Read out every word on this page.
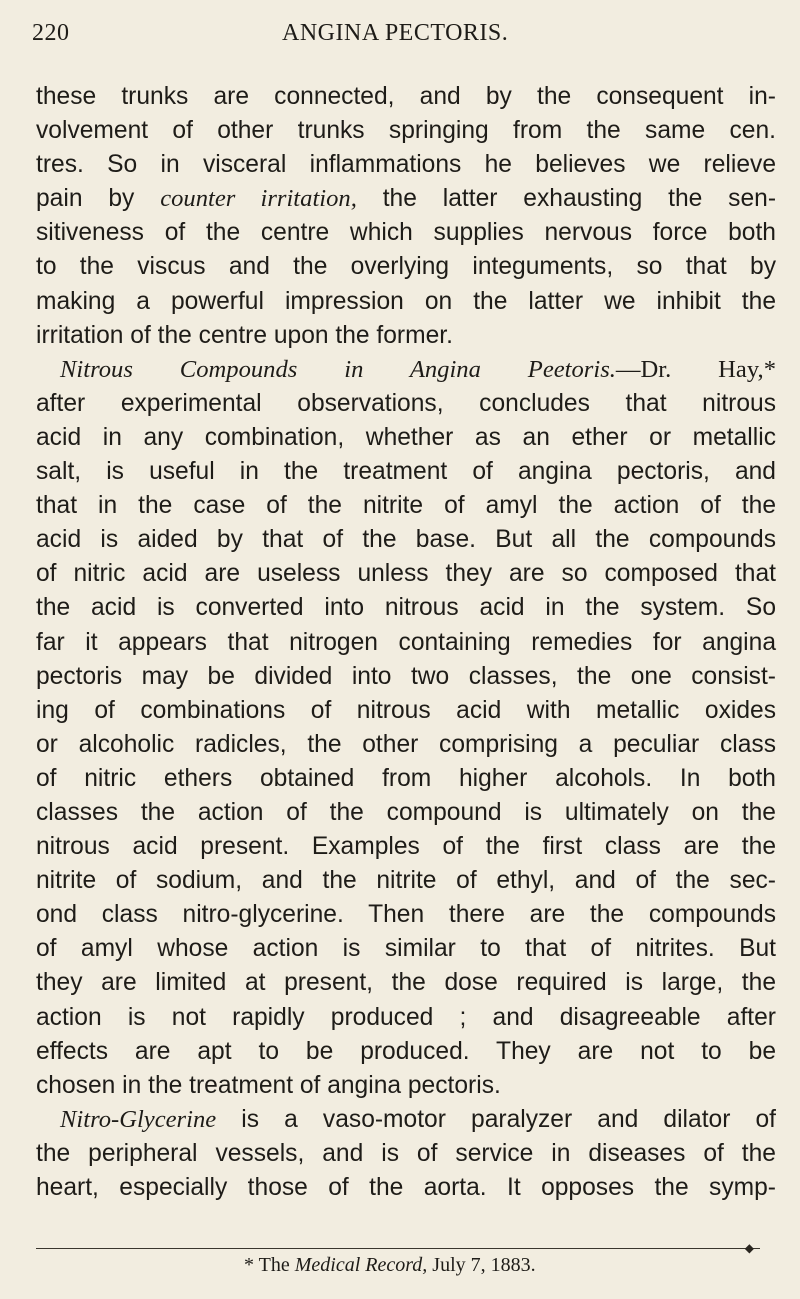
220	ANGINA PECTORIS.
these trunks are connected, and by the consequent in-
volvement of other trunks springing from the same cen.
tres. So in visceral inflammations he believes we relieve
pain by counter irritation, the latter exhausting the sen-
sitiveness of the centre which supplies nervous force both
to the viscus and the overlying integuments, so that by
making a powerful impression on the latter we inhibit the
irritation of the centre upon the former.
Nitrous Compounds in Angina Peetoris.—Dr. Hay,*
after experimental observations, concludes that nitrous
acid in any combination, whether as an ether or metallic
salt, is useful in the treatment of angina pectoris, and
that in the case of the nitrite of amyl the action of the
acid is aided by that of the base. But all the compounds
of nitric acid are useless unless they are so composed that
the acid is converted into nitrous acid in the system. So
far it appears that nitrogen containing remedies for angina
pectoris may be divided into two classes, the one consist-
ing of combinations of nitrous acid with metallic oxides
or alcoholic radicles, the other comprising a peculiar class
of nitric ethers obtained from higher alcohols. In both
classes the action of the compound is ultimately on the
nitrous acid present. Examples of the first class are the
nitrite of sodium, and the nitrite of ethyl, and of the sec-
ond class nitro-glycerine. Then there are the compounds
of amyl whose action is similar to that of nitrites. But
they are limited at present, the dose required is large, the
action is not rapidly produced ; and disagreeable after
effects are apt to be produced. They are not to be
chosen in the treatment of angina pectoris.
Nitro-Glycerine is a vaso-motor paralyzer and dilator of
the peripheral vessels, and is of service in diseases of the
heart, especially those of the aorta. It opposes the symp-
◆
* The Medical Record, July 7, 1883.
